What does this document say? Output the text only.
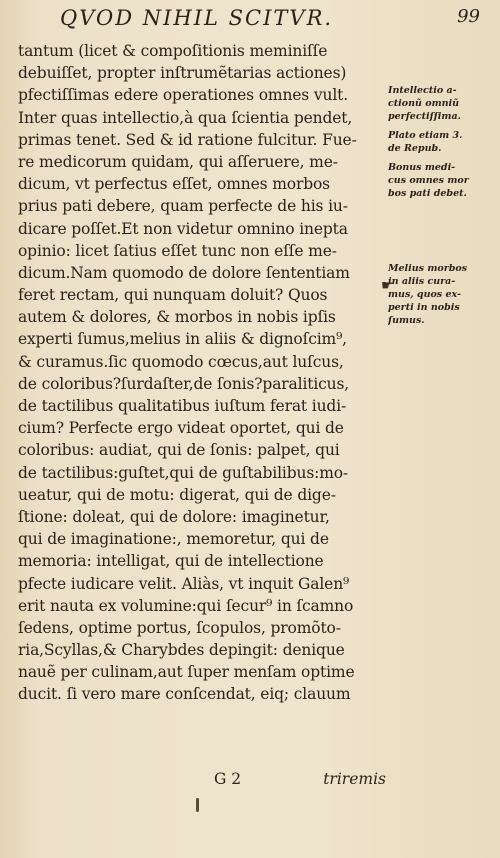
QVOD NIHIL SCITVR.	99
tantum (licet & compoſitionis meminiſſe
debuiſſet, propter inſtrumẽtarias actiones)
pfectiſſimas edere operationes omnes vult.
Inter quas intellectio,à qua ſcientia pendet,
primas tenet. Sed & id ratione fulcitur. Fue-
re medicorum quidam, qui aſſeruere, me-
dicum, vt perfectus eſſet, omnes morbos
prius pati debere, quam perfecte de his iu-
dicare poſſet.Et non videtur omnino inepta
opinio: licet ſatius eſſet tunc non eſſe me-
dicum.Nam quomodo de dolore ſententiam
feret rectam, qui nunquam doluit? Quos
autem & dolores, & morbos in nobis ipſis
experti ſumus,melius in aliis & dignoſcim⁹,
& curamus.ſic quomodo cœcus,aut luſcus,
de coloribus?ſurdaſter,de ſonis?paraliticus,
de tactilibus qualitatibus iuſtum ferat iudi-
cium? Perfecte ergo videat oportet, qui de
coloribus: audiat, qui de ſonis: palpet, qui
de tactilibus:guſtet,qui de guſtabilibus:mo-
ueatur, qui de motu: digerat, qui de dige-
ſtione: doleat, qui de dolore: imaginetur,
qui de imaginatione:, memoretur, qui de
memoria: intelligat, qui de intellectione
pfecte iudicare velit. Aliàs, vt inquit Galen⁹
erit nauta ex volumine:qui ſecur⁹ in ſcamno
ſedens, optime portus, ſcopulos, promõto-
ria,Scyllas,& Charybdes depingit: denique
nauẽ per culinam,aut ſuper menſam optime
ducit. ſi vero mare conſcendat, eiq; clauum
Intellectio a-
ctionũ omniũ
perfectiſſima.
Plato etiam 3.
de Repub.
Bonus medi-
cus omnes mor
bos pati debet.
Melius morbos
in aliis cura-
mus, quos ex-
perti in nobis
ſumus.
☛
G 2	triremis
